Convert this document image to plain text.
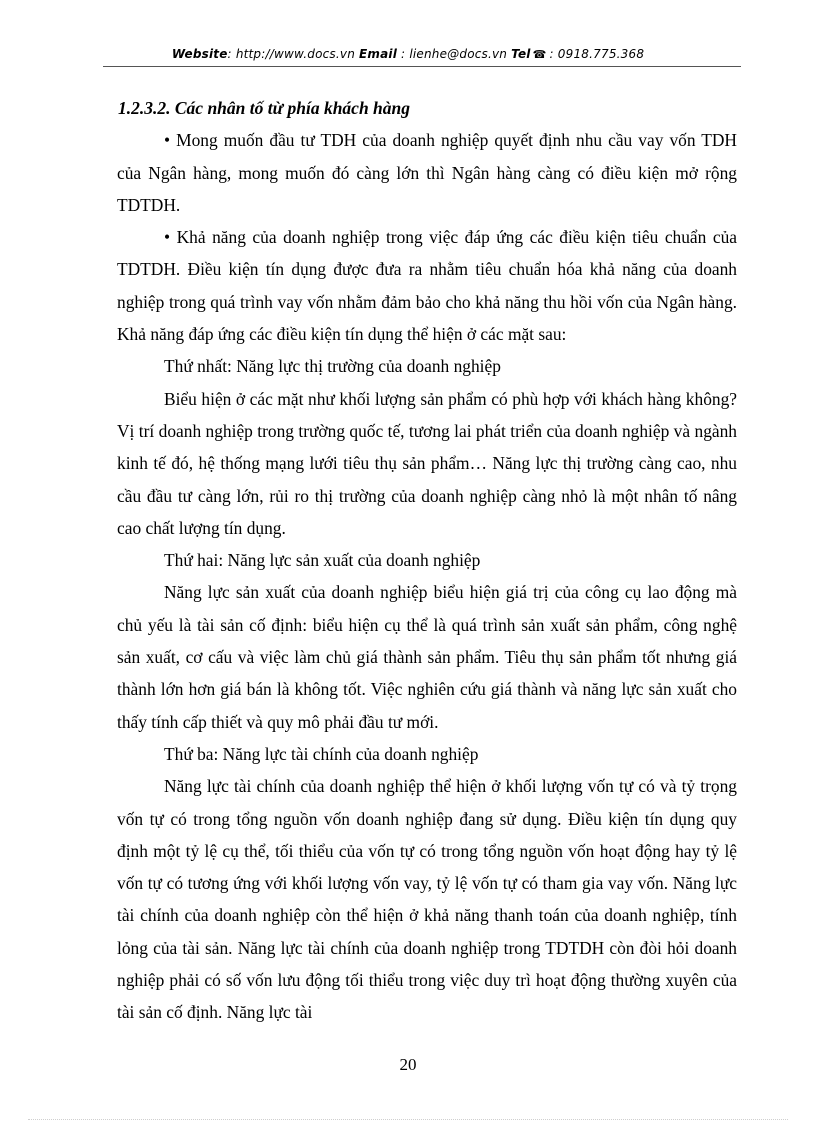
Website: http://www.docs.vn Email : lienhe@docs.vn Tel ☎ : 0918.775.368

1.2.3.2. Các nhân tố từ phía khách hàng

• Mong muốn đầu tư TDH của doanh nghiệp quyết định nhu cầu vay vốn TDH của Ngân hàng, mong muốn đó càng lớn thì Ngân hàng càng có điều kiện mở rộng TDTDH.

• Khả năng của doanh nghiệp trong việc đáp ứng các điều kiện tiêu chuẩn của TDTDH. Điều kiện tín dụng được đưa ra nhằm tiêu chuẩn hóa khả năng của doanh nghiệp trong quá trình vay vốn nhằm đảm bảo cho khả năng thu hồi vốn của Ngân hàng. Khả năng đáp ứng các điều kiện tín dụng thể hiện ở các mặt sau:

Thứ nhất: Năng lực thị trường của doanh nghiệp

Biểu hiện ở các mặt như khối lượng sản phẩm có phù hợp với khách hàng không? Vị trí doanh nghiệp trong trường quốc tế, tương lai phát triển của doanh nghiệp và ngành kinh tế đó, hệ thống mạng lưới tiêu thụ sản phẩm… Năng lực thị trường càng cao, nhu cầu đầu tư càng lớn, rủi ro thị trường của doanh nghiệp càng nhỏ là một nhân tố nâng cao chất lượng tín dụng.

Thứ hai: Năng lực sản xuất của doanh nghiệp

Năng lực sản xuất của doanh nghiệp biểu hiện giá trị của công cụ lao động mà chủ yếu là tài sản cố định: biểu hiện cụ thể là quá trình sản xuất sản phẩm, công nghệ sản xuất, cơ cấu và việc làm chủ giá thành sản phẩm. Tiêu thụ sản phẩm tốt nhưng giá thành lớn hơn giá bán là không tốt. Việc nghiên cứu giá thành và năng lực sản xuất cho thấy tính cấp thiết và quy mô phải đầu tư mới.

Thứ ba: Năng lực tài chính của doanh nghiệp

Năng lực tài chính của doanh nghiệp thể hiện ở khối lượng vốn tự có và tỷ trọng vốn tự có trong tổng nguồn vốn doanh nghiệp đang sử dụng. Điều kiện tín dụng quy định một tỷ lệ cụ thể, tối thiểu của vốn tự có trong tổng nguồn vốn hoạt động hay tỷ lệ vốn tự có tương ứng với khối lượng vốn vay, tỷ lệ vốn tự có tham gia vay vốn. Năng lực tài chính của doanh nghiệp còn thể hiện ở khả năng thanh toán của doanh nghiệp, tính lỏng của tài sản. Năng lực tài chính của doanh nghiệp trong TDTDH còn đòi hỏi doanh nghiệp phải có số vốn lưu động tối thiểu trong việc duy trì hoạt động thường xuyên của tài sản cố định. Năng lực tài

20
